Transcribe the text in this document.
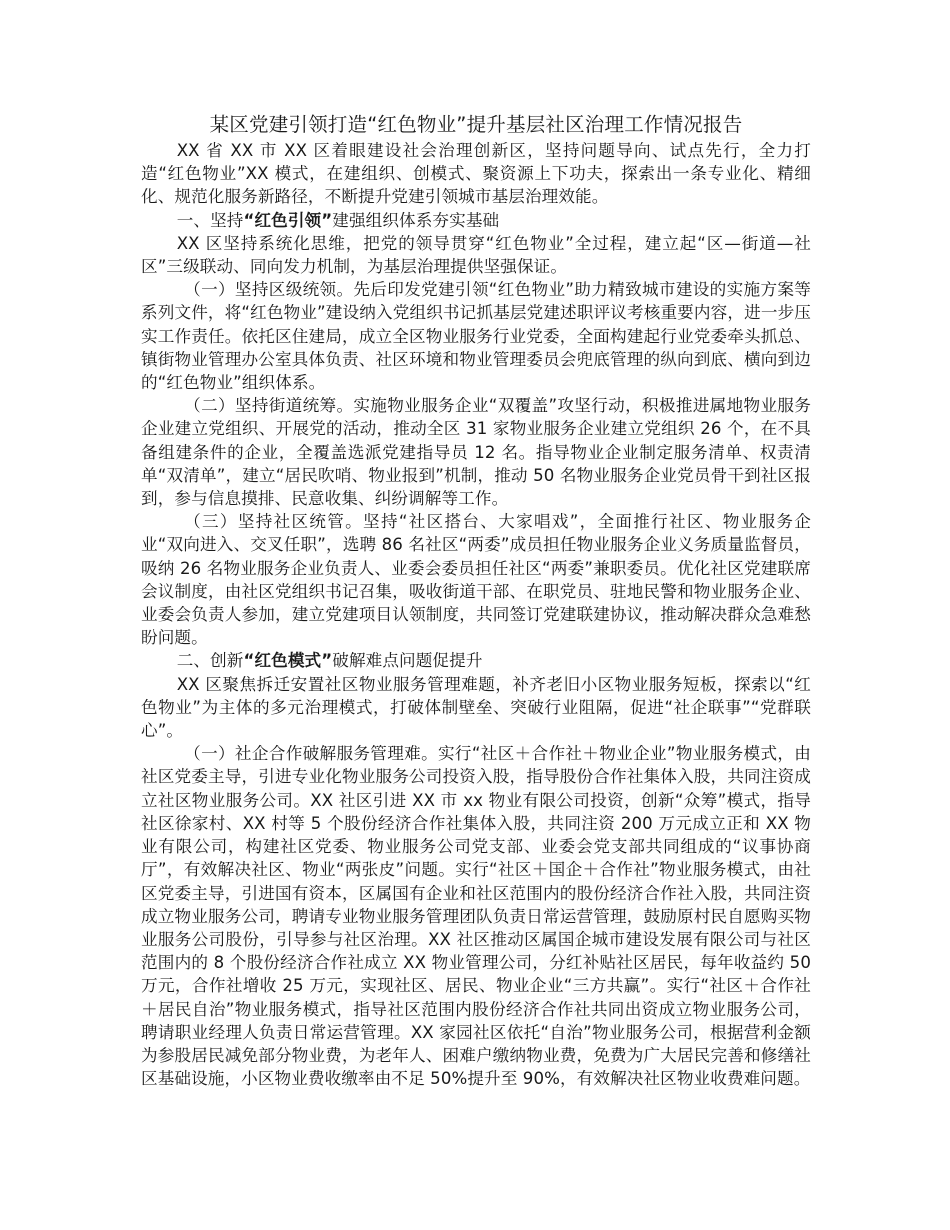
某区党建引领打造“红色物业”提升基层社区治理工作情况报告

XX 省 XX 市 XX 区着眼建设社会治理创新区，坚持问题导向、试点先行，全力打造“红色物业”XX 模式，在建组织、创模式、聚资源上下功夫，探索出一条专业化、精细化、规范化服务新路径，不断提升党建引领城市基层治理效能。

一、坚持“红色引领”建强组织体系夯实基础

XX 区坚持系统化思维，把党的领导贯穿“红色物业”全过程，建立起“区—街道—社区”三级联动、同向发力机制，为基层治理提供坚强保证。

（一）坚持区级统领。先后印发党建引领“红色物业”助力精致城市建设的实施方案等系列文件，将“红色物业”建设纳入党组织书记抓基层党建述职评议考核重要内容，进一步压实工作责任。依托区住建局，成立全区物业服务行业党委，全面构建起行业党委牵头抓总、镇街物业管理办公室具体负责、社区环境和物业管理委员会兜底管理的纵向到底、横向到边的“红色物业”组织体系。

（二）坚持街道统筹。实施物业服务企业“双覆盖”攻坚行动，积极推进属地物业服务企业建立党组织、开展党的活动，推动全区 31 家物业服务企业建立党组织 26 个，在不具备组建条件的企业，全覆盖选派党建指导员 12 名。指导物业企业制定服务清单、权责清单“双清单”，建立“居民吹哨、物业报到”机制，推动 50 名物业服务企业党员骨干到社区报到，参与信息摸排、民意收集、纠纷调解等工作。

（三）坚持社区统管。坚持“社区搭台、大家唱戏”，全面推行社区、物业服务企业“双向进入、交叉任职”，选聘 86 名社区“两委”成员担任物业服务企业义务质量监督员，吸纳 26 名物业服务企业负责人、业委会委员担任社区“两委”兼职委员。优化社区党建联席会议制度，由社区党组织书记召集，吸收街道干部、在职党员、驻地民警和物业服务企业、业委会负责人参加，建立党建项目认领制度，共同签订党建联建协议，推动解决群众急难愁盼问题。

二、创新“红色模式”破解难点问题促提升

XX 区聚焦拆迁安置社区物业服务管理难题，补齐老旧小区物业服务短板，探索以“红色物业”为主体的多元治理模式，打破体制壁垒、突破行业阻隔，促进“社企联事”“党群联心”。

（一）社企合作破解服务管理难。实行“社区＋合作社＋物业企业”物业服务模式，由社区党委主导，引进专业化物业服务公司投资入股，指导股份合作社集体入股，共同注资成立社区物业服务公司。XX 社区引进 XX 市 xx 物业有限公司投资，创新“众筹”模式，指导社区徐家村、XX 村等 5 个股份经济合作社集体入股，共同注资 200 万元成立正和 XX 物业有限公司，构建社区党委、物业服务公司党支部、业委会党支部共同组成的“议事协商厅”，有效解决社区、物业“两张皮”问题。实行“社区＋国企＋合作社”物业服务模式，由社区党委主导，引进国有资本，区属国有企业和社区范围内的股份经济合作社入股，共同注资成立物业服务公司，聘请专业物业服务管理团队负责日常运营管理，鼓励原村民自愿购买物业服务公司股份，引导参与社区治理。XX 社区推动区属国企城市建设发展有限公司与社区范围内的 8 个股份经济合作社成立 XX 物业管理公司，分红补贴社区居民，每年收益约 50 万元，合作社增收 25 万元，实现社区、居民、物业企业“三方共赢”。实行“社区＋合作社＋居民自治”物业服务模式，指导社区范围内股份经济合作社共同出资成立物业服务公司，聘请职业经理人负责日常运营管理。XX 家园社区依托“自治”物业服务公司，根据营利金额为参股居民减免部分物业费，为老年人、困难户缴纳物业费，免费为广大居民完善和修缮社区基础设施，小区物业费收缴率由不足 50%提升至 90%，有效解决社区物业收费难问题。
